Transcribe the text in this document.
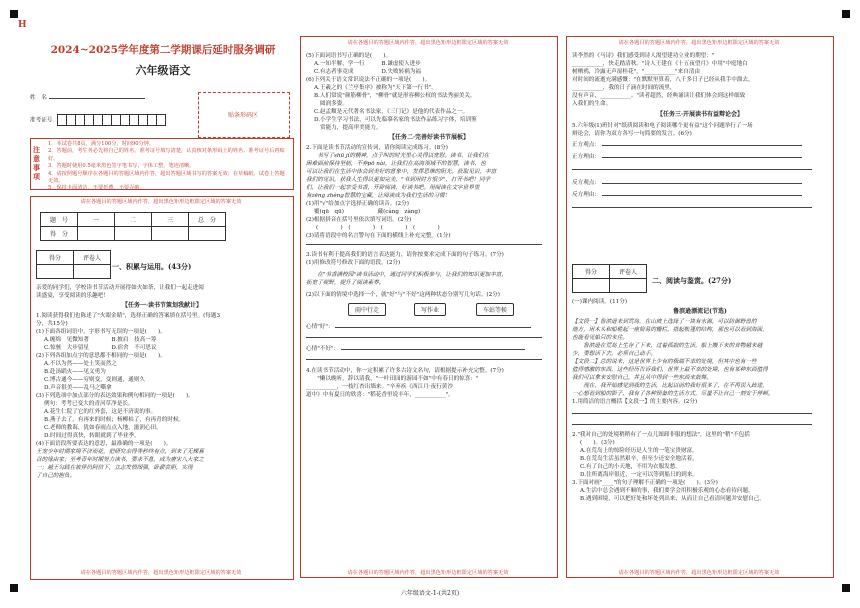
H
2024~2025学年度第二学期课后延时服务调研
六年级语文
姓　名
准考证号
贴条形码区
注意事项
1．本试卷共8页，满分100分，时间90分钟。
2．答题前，考生务必先将自己的姓名、准考证号填写清楚，认真核对条形码上的姓名、准考证号后再贴好。
3．答题时使用0.5毫米黑色签字笔书写，字体工整，笔迹清晰。
4．请按照题号顺序在各题目的答题区域内作答，超出答题区域书写的答案无效；在草稿纸、试卷上答题无效。
5．保持卡面清洁，不要折叠，不要弄破。
请在各题目的答题区域内作答，超出黑色矩形边框限定区域的答案无效
题　号	一	二	三	总　分
得　分				
得分	评卷人

一、积累与运用。(43分)
亲爱的同学们，学校读书节活动开展得如火如荼，让我们一起走进阅
读盛宴，享受阅读的乐趣吧！
【任务一·读书节策划我献计】
1.阅读获得我们也陈述了"火眼金睛"，选择正确的答案填在括号里。(每题3
分，共15分)
(1)下面各组词语中，字形书写无误的一项是(　　)。
A.缠绵　见微知著　　　　B.披肩　技高一筹
C.惊骇　大步留星　　　　D.宿舍　不可思议
(2)下列各组加点字的意思都不相同的一项是(　　)。
A.不以为然——处士笑而然之
B.赴汤蹈火——见义勇为
C.博古通今——穷则变，变则通，通则久
D.声音很美——乱马之嘶拿
(3)下列选项中加点部分的表达效果和例句相同的一项是(　　)。
例句：考考已变大的青河草净是长。
A.花生仁院了它的红外套，这是不济说的事。
B.燕子去了，有再来的时候；杨柳枯了，有再青的时候。
C.老师的教诲，犹如春雨点点入地，滋润心田。
D.时间过得真快，转眼就到了毕业季。
(4)下面语段所要表达的意思，最准确的一项是(　　)。
王宠少年时期家境不济而花，把研究亲得等秒终有点，到来了无棵暮
召的缘由家；至考青年时期努力读书，要求不息，成为唐宋八大家之
一；越王勾践在被俘仍阿信下，立志发愤图强，卧薪尝胆，实现
了自己的抱负。
请在各题目的答题区域内作答，超出黑色矩形边框限定区域的答案无效
请在各题目的答题区域内作答，超出黑色矩形边框限定区域的答案无效
(5)下面词语书写正确的是(　　)。
A.一知半解，学一行　　　B.谦虚使人进步
C.有志者事竟成　　　　　D.失败转祸为福
(6)下列关于语文常识说法不正确的一项是(　　)。
A.王羲之的《兰亭集序》被称为"天下第一行书"。
B.人们常说"颜筋柳骨"，"柳骨"就是形容柳公权的书法秀丽美关，
圆润多姿。
C.赵孟頫是元代著名书法家，《三门记》是他的代表作品之一。
D.小学生学习书法，可以先临摹名家的书法作品练习字体，培训鉴
赏能力，提高审美能力。
【任务二·完善好读书节展板】
2.下面是读书节活动的宣传词，请你阅读完成练习。(8分)
　　书写了shū jí的精神，点子叫的时光里心灵得以宽慰。读书，让我们在
困难面前保持坚韧，不弃pō nài，让我们在高海领域不的智慧，读书，也
可以让我们在生活中体会到美好的意象中，发挥思维的阳光。获取见识，丰富
我们的见识，获我人生得以更加完美，"书到用时方恨少"，打开书吧！同学
们，让我们一起享受书香，开辟阅读，好读书吧。用阅读在文字世界里
有zēng zhèng智慧的宝藏，让阅读成为我们生活的习惯！
(1)用"√"给加点字选择正确的读音。(2分)
覆(qū　qū)　　　　　　藏(cáng　zàng)
(2)根据拼音在括号里依次填写词语。(2分)
(　　　　)　(　　　　)　(　　　　)　(　　　　)
(3)请将语段中的名言警句在下面的横线上补充完整。(1分)
3.读书有利于提高我们的语言表达能力，请你按要求完成下面的句子练习。(7分)
(1)用修改符号修改下面的语段。(2分)
　　在"书香满校园"读书活动中，通过同学们积极参与，让我们的知识更加丰富，
拓宽了视野，提升了阅读素养。
(2)以下面的情境中选择一个，就"好"与"不好"这两种状态分别写几句话。(2分)
雨中行走	写作业	车站等候
心情"好"：
心情"不好"：
4.在读书节活动中，你一定积累了许多古诗文名句，请根据提示补充完整。(7分)
　　"懒以晚听，辞以请我，"一叶田园的游园不如"中有春日的惊喜："
___________，一枝红杏出墙来。"辛弃疾《西江月·夜行黄沙
道中》中有夏日的欣喜："稻花香里说丰年，___________"。
请在各题目的答题区域内作答，超出黑色矩形边框限定区域的答案无效
请在各题目的答题区域内作答，超出黑色矩形边框限定区域的答案无效
读李然的《马诗》我们感受到诗人渴望建功立业的期望："
___________，快走踏清秋。"诗人王建在《十五夜望月》中用"中庭地白
树栖鸦，冷露无声湿桂花"，"___________"来自清由
对时间的流逝充满感慨："在默默里算着，八千多日子已经从我手中溜去，
___________，我的日子滴在时间的流里，
没有声音，___________。"读者超然，经典诵读让我们体会到这样细致
入我们的生命。
【任务三·开展读书有益辩论会】
5.六年级(1)班针对"纸质阅读和电子阅读哪个更有益"这个问题举行了一场
辩论会，请你为双方各写一句简要的发言。(6分)
正方观点：
正方理由：
反方观点：
反方理由：
得分	评卷人

二、阅读与鉴赏。(27分)
(一)课内阅读。(11分)
鲁滨逊漂流记(节选)
【文段一】鲁滨逊来到荒岛，在山坡上选择了一块有水源，可以防御野兽的
地方，用木头和船桅起一座简易的栅栏，搭起帐篷的结构，那也可以看到海面，
也能看见船只的来往。
　　鲁滨逊在荒岛上生存了下来，过着孤寂的生活，船上搬下来的食物越来越
少，要想活下去，必须自己动手。
【文段二】总的说来，这是世界上少有的极端不幸的处境，但其中也有一些
值得感激的东西，这些经历告诉我们，世界上最不幸的处境，也有某种东西值得
我们可以拿来安慰自己，并且从中得到一些东西来鼓舞。
　　现在，我开始感觉到我的生活，比起以前的我好很多了，在不再误入歧途，
一心想看到船的影子，我有了各种预备的生活方式，尽量不让自己一刻安于停顿。
1.用简洁的语言概括【文段一】的主要内容。(2分)
2."我对自己的处境稍稍有了一点儿图卸非服的想法"，这里的"稍"不包括
(　　)。(3分)
A.在荒岛上的惊险经历是人生的一笔宝贵财富。
B.在荒岛生活虽然艰辛，但至少还安全地活着。
C.有了自己的小天地，不用为衣服发愁。
D.住所离海岸很近，一定可以等到船只的到来。
3.下面对画"____"的句子理解不正确的一项是(　　)。(3分)
A.生活中总会遇到不顺的事，我们要学会用积极乐观的心态看待问题。
B.遇到困境，可以把好处和坏处列出来，从而让自己看清问题并安慰自己。
请在各题目的答题区域内作答，超出黑色矩形边框限定区域的答案无效
六年级语文-1-(共2页)
